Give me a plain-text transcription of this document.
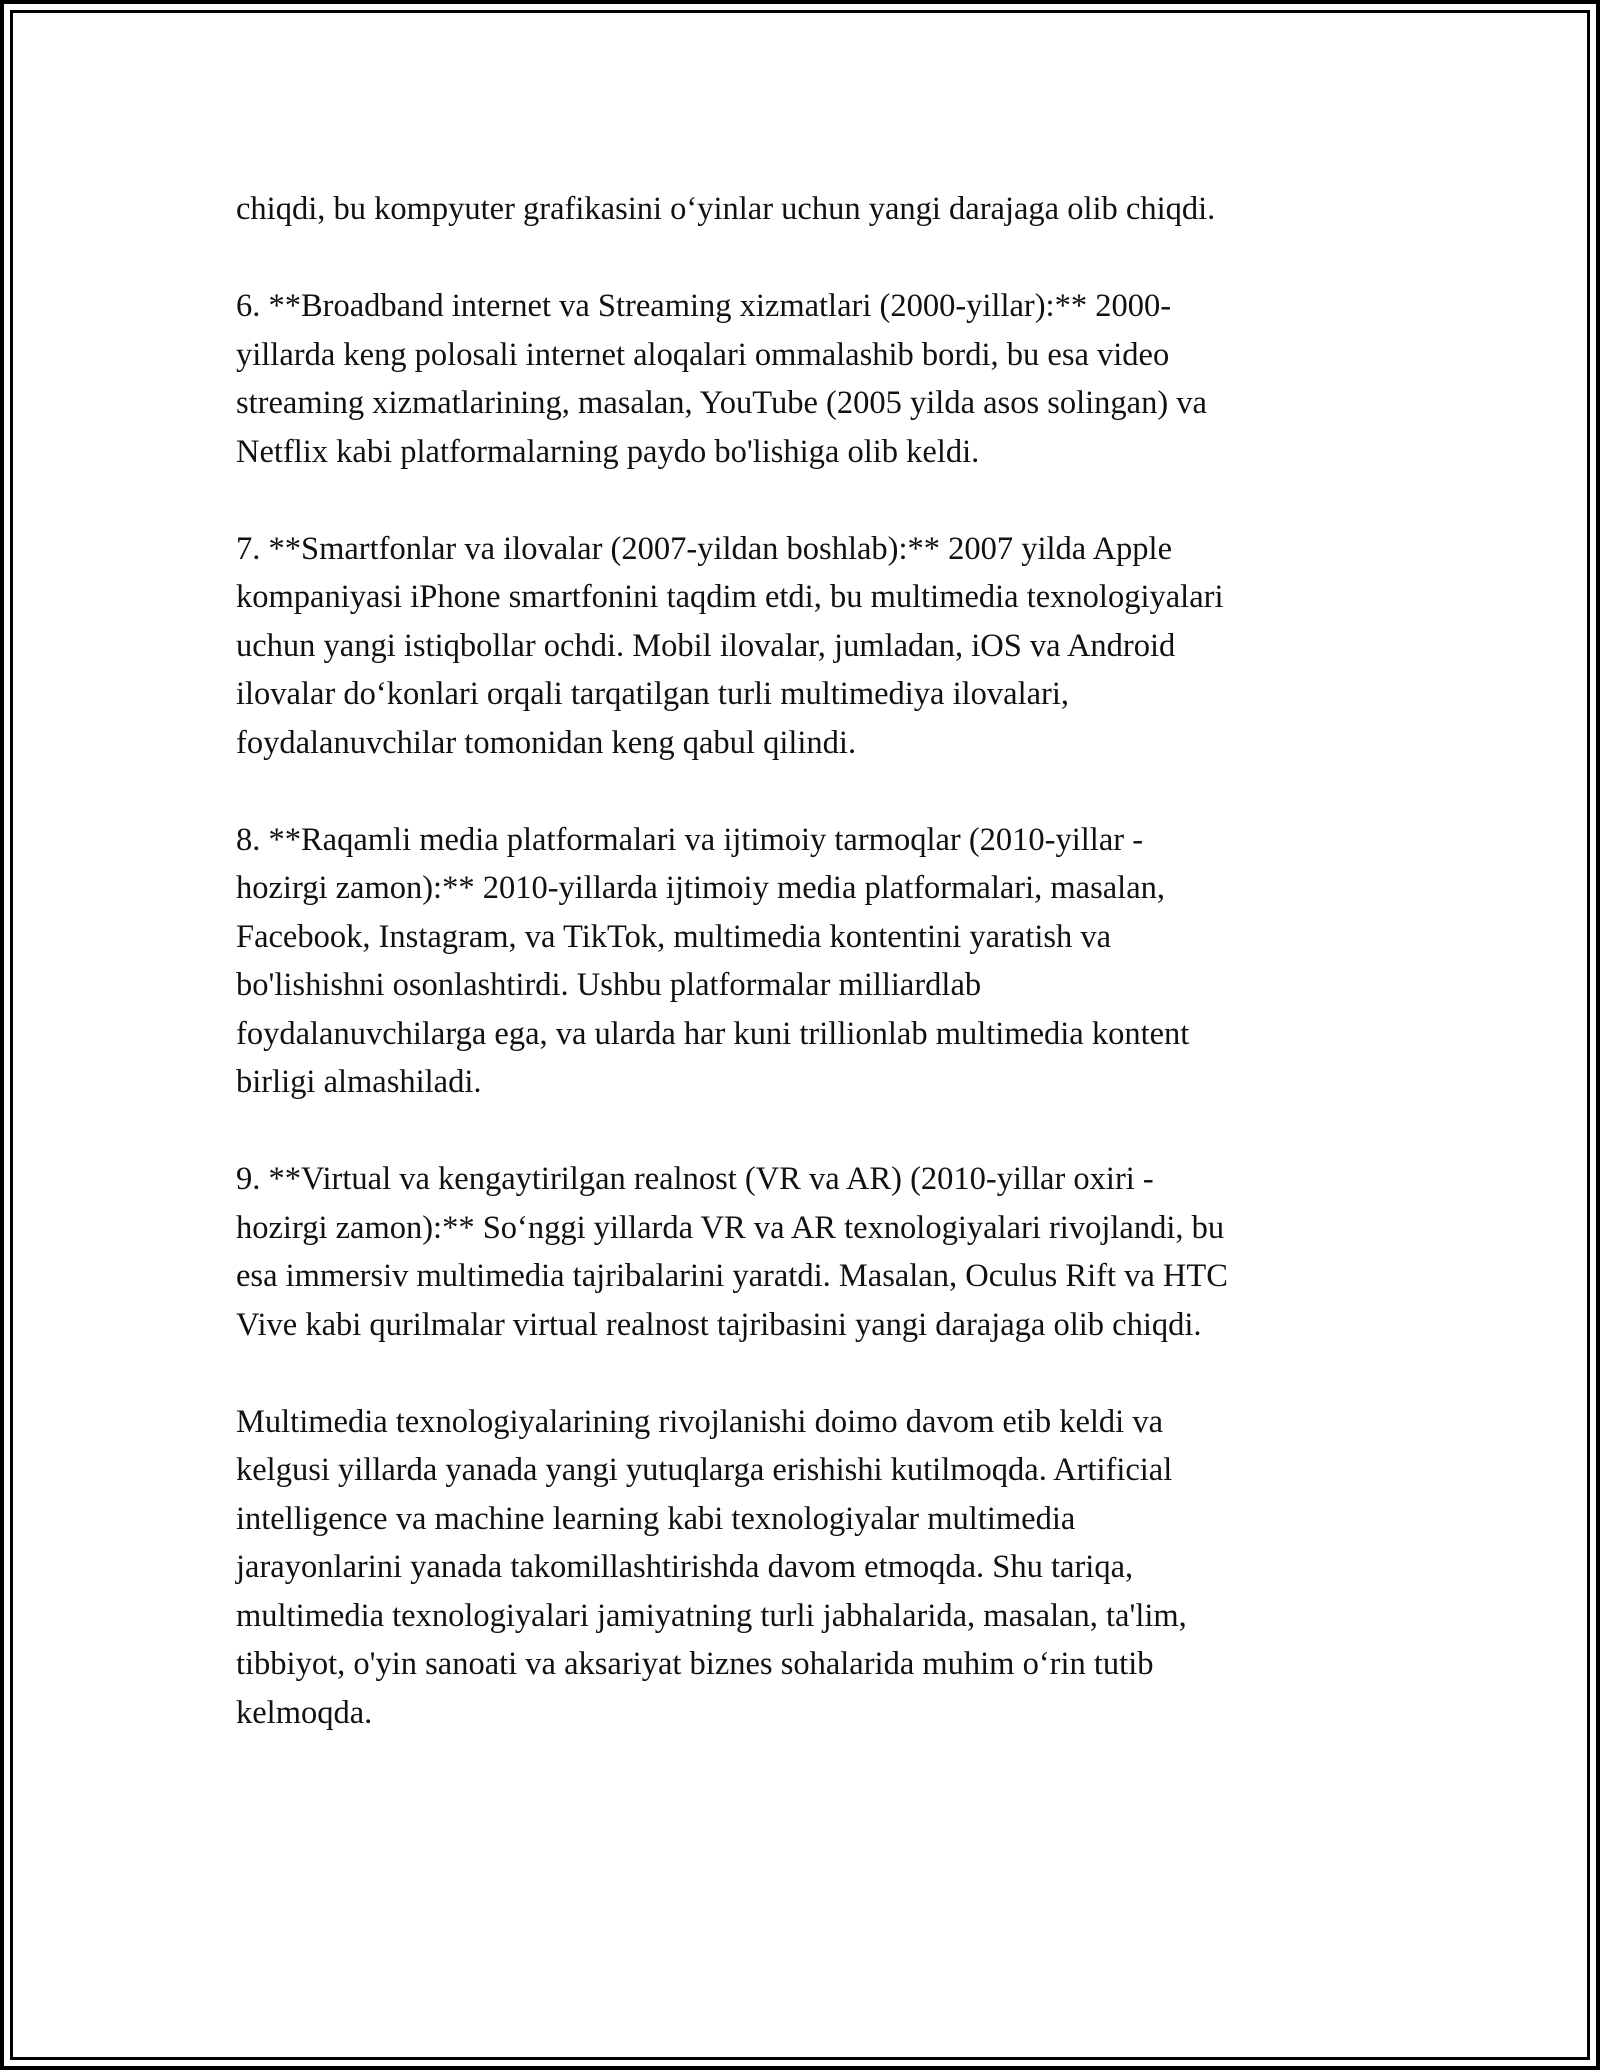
chiqdi, bu kompyuter grafikasini o‘yinlar uchun yangi darajaga olib chiqdi.
6. **Broadband internet va Streaming xizmatlari (2000-yillar):** 2000-
yillarda keng polosali internet aloqalari ommalashib bordi, bu esa video
streaming xizmatlarining, masalan, YouTube (2005 yilda asos solingan) va
Netflix kabi platformalarning paydo bo'lishiga olib keldi.
7. **Smartfonlar va ilovalar (2007-yildan boshlab):** 2007 yilda Apple
kompaniyasi iPhone smartfonini taqdim etdi, bu multimedia texnologiyalari
uchun yangi istiqbollar ochdi. Mobil ilovalar, jumladan, iOS va Android
ilovalar do‘konlari orqali tarqatilgan turli multimediya ilovalari,
foydalanuvchilar tomonidan keng qabul qilindi.
8. **Raqamli media platformalari va ijtimoiy tarmoqlar (2010-yillar -
hozirgi zamon):** 2010-yillarda ijtimoiy media platformalari, masalan,
Facebook, Instagram, va TikTok, multimedia kontentini yaratish va
bo'lishishni osonlashtirdi. Ushbu platformalar milliardlab
foydalanuvchilarga ega, va ularda har kuni trillionlab multimedia kontent
birligi almashiladi.
9. **Virtual va kengaytirilgan realnost (VR va AR) (2010-yillar oxiri -
hozirgi zamon):** So‘nggi yillarda VR va AR texnologiyalari rivojlandi, bu
esa immersiv multimedia tajribalarini yaratdi. Masalan, Oculus Rift va HTC
Vive kabi qurilmalar virtual realnost tajribasini yangi darajaga olib chiqdi.
Multimedia texnologiyalarining rivojlanishi doimo davom etib keldi va
kelgusi yillarda yanada yangi yutuqlarga erishishi kutilmoqda. Artificial
intelligence va machine learning kabi texnologiyalar multimedia
jarayonlarini yanada takomillashtirishda davom etmoqda. Shu tariqa,
multimedia texnologiyalari jamiyatning turli jabhalarida, masalan, ta'lim,
tibbiyot, o'yin sanoati va aksariyat biznes sohalarida muhim o‘rin tutib
kelmoqda.
